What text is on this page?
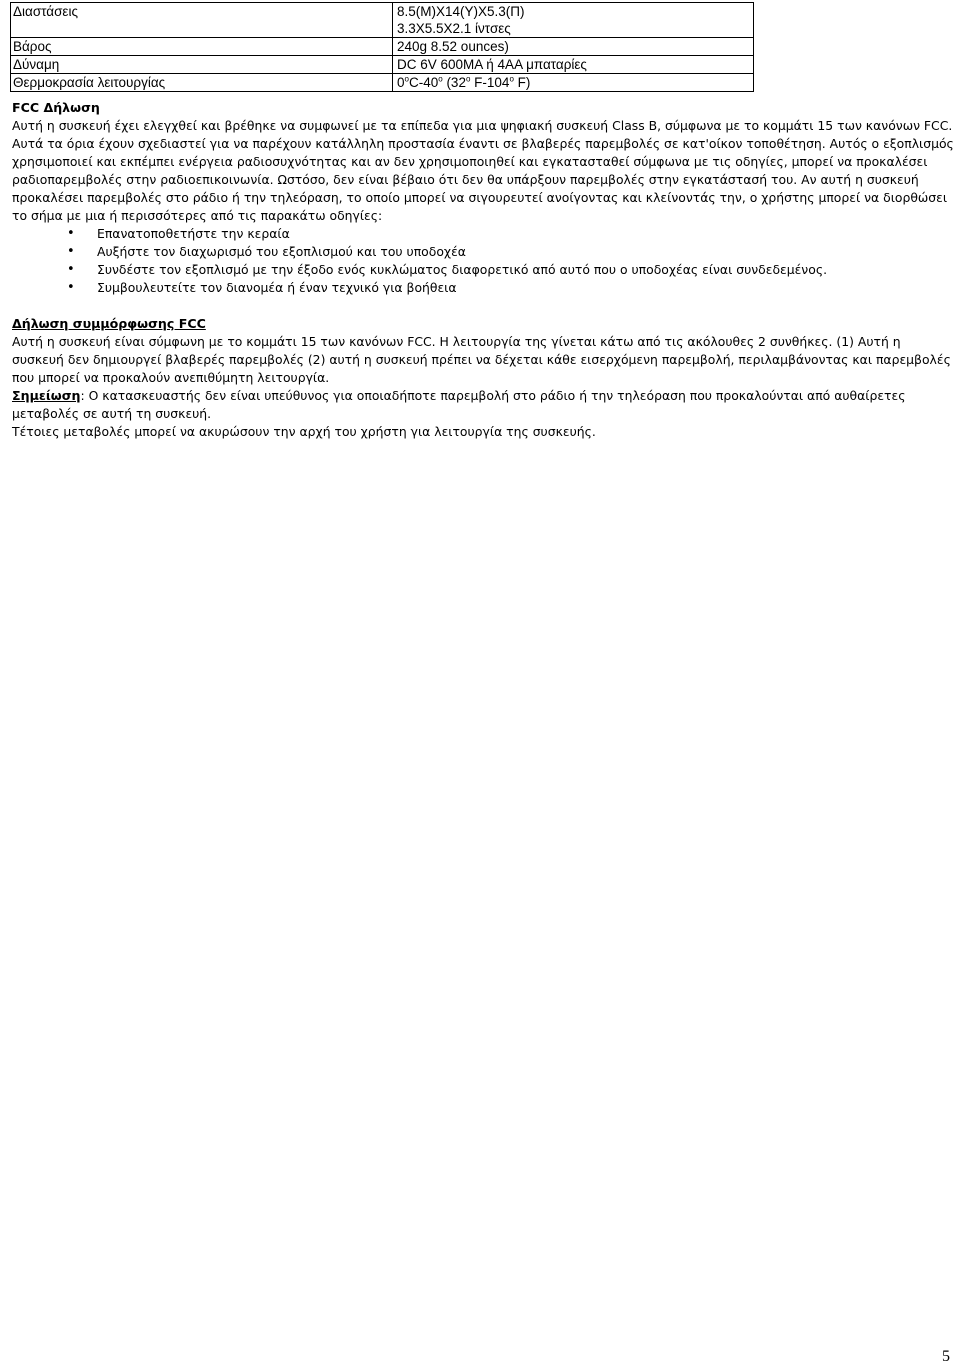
Διαστάσεις	8.5(M)X14(Y)X5.3(Π)
3.3X5.5X2.1 ίντσες

Βάρος	240g 8.52 ounces)
Δύναμη	DC 6V 600MA ή 4AA μπαταρίες
Θερμοκρασία λειτουργίας	0$^o$C-40$^o$ (32$^o$ F-104$^o$ F)
FCC Δήλωση
Αυτή η συσκευή έχει ελεγχθεί και βρέθηκε να συμφωνεί με τα επίπεδα για μια ψηφιακή συσκευή Class B, σύμφωνα με το κομμάτι 15 των κανόνων FCC. Αυτά τα όρια έχουν σχεδιαστεί για να παρέχουν κατάλληλη προστασία έναντι σε βλαβερές παρεμβολές σε κατ'οίκον τοποθέτηση. Αυτός ο εξοπλισμός χρησιμοποιεί και εκπέμπει ενέργεια ραδιοσυχνότητας και αν δεν χρησιμοποιηθεί και εγκατασταθεί σύμφωνα με τις οδηγίες, μπορεί να προκαλέσει ραδιοπαρεμβολές στην ραδιοεπικοινωνία. Ωστόσο, δεν είναι βέβαιο ότι δεν θα υπάρξουν παρεμβολές στην εγκατάστασή του. Αν αυτή η συσκευή προκαλέσει παρεμβολές στο ράδιο ή την τηλεόραση, το οποίο μπορεί να σιγουρευτεί ανοίγοντας και κλείνοντάς την, ο χρήστης μπορεί να διορθώσει το σήμα με μια ή περισσότερες από τις παρακάτω οδηγίες:
• Επανατοποθετήστε την κεραία
• Αυξήστε τον διαχωρισμό του εξοπλισμού και του υποδοχέα
• Συνδέστε τον εξοπλισμό με την έξοδο ενός κυκλώματος διαφορετικό από αυτό που ο υποδοχέας είναι συνδεδεμένος.
• Συμβουλευτείτε τον διανομέα ή έναν τεχνικό για βοήθεια
Δήλωση συμμόρφωσης FCC
Αυτή η συσκευή είναι σύμφωνη με το κομμάτι 15 των κανόνων FCC. Η λειτουργία της γίνεται κάτω από τις ακόλουθες 2 συνθήκες. (1) Αυτή η συσκευή δεν δημιουργεί βλαβερές παρεμβολές (2) αυτή η συσκευή πρέπει να δέχεται κάθε εισερχόμενη παρεμβολή, περιλαμβάνοντας και παρεμβολές που μπορεί να προκαλούν ανεπιθύμητη λειτουργία.
Σημείωση: Ο κατασκευαστής δεν είναι υπεύθυνος για οποιαδήποτε παρεμβολή στο ράδιο ή την τηλεόραση που προκαλούνται από αυθαίρετες μεταβολές σε αυτή τη συσκευή.
Τέτοιες μεταβολές μπορεί να ακυρώσουν την αρχή του χρήστη για λειτουργία της συσκευής.
5
